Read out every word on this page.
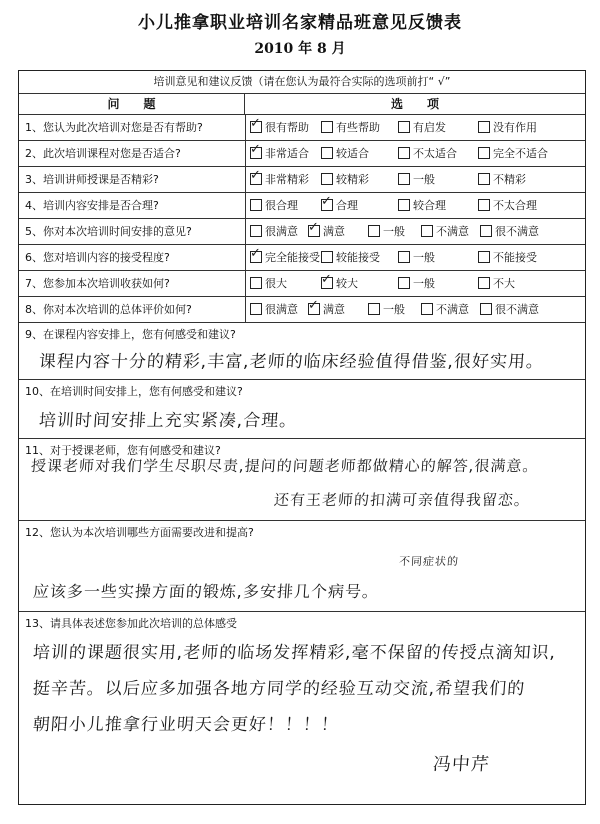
小儿推拿职业培训名家精品班意见反馈表
2010 年 8 月
培训意见和建议反馈（请在您认为最符合实际的选项前打“ √”
问　　题	选　　项
1、您认为此次培训对您是否有帮助? ✓	很有帮助	有些帮助	有启发	没有作用
2、此次培训课程对您是否适合? ✓	非常适合	较适合	不太适合	完全不适合
3、培训讲师授课是否精彩? ✓	非常精彩	较精彩	一般	不精彩
4、培训内容安排是否合理?	很合理 ✓	合理	较合理	不太合理
5、你对本次培训时间安排的意见?	很满意 ✓	满意	一般	不满意	很不满意
6、您对培训内容的接受程度? ✓	完全能接受	较能接受	一般	不能接受
7、您参加本次培训收获如何?	很大 ✓	较大	一般	不大
8、你对本次培训的总体评价如何?	很满意 ✓	满意	一般	不满意	很不满意
9、在课程内容安排上，您有何感受和建议?
课程内容十分的精彩,丰富,老师的临床经验值得借鉴,很好实用。
10、在培训时间安排上，您有何感受和建议?
培训时间安排上充实紧凑,合理。
11、对于授课老师，您有何感受和建议?
授课老师对我们学生尽职尽责,提问的问题老师都做精心的解答,很满意。
还有王老师的扣满可亲值得我留恋。
12、您认为本次培训哪些方面需要改进和提高?
不同症状的
应该多一些实操方面的锻炼,多安排几个病号。
13、请具体表述您参加此次培训的总体感受
培训的课题很实用,老师的临场发挥精彩,毫不保留的传授点滴知识,
挺辛苦。以后应多加强各地方同学的经验互动交流,希望我们的
朝阳小儿推拿行业明天会更好！！！！
冯中芹
